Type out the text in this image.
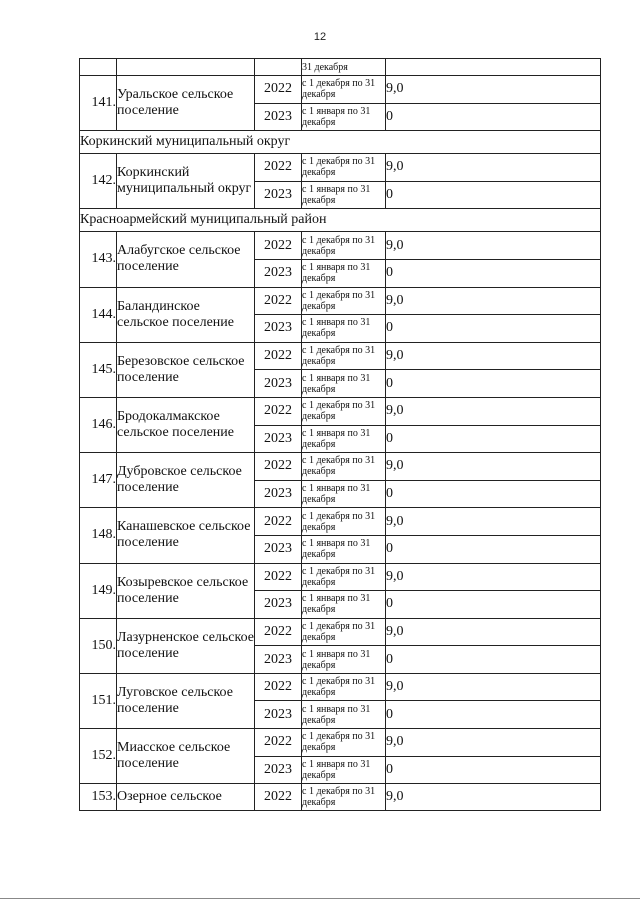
12
			31 декабря	
141.	Уральское сельское поселение	2022	с 1 декабря по 31 декабря	9,0
		2023	с 1 января по 31 декабря	0
Коркинский муниципальный округ				
142.	Коркинский муниципальный округ	2022	с 1 декабря по 31 декабря	9,0
		2023	с 1 января по 31 декабря	0
Красноармейский муниципальный район				
143.	Алабугское сельское поселение	2022	с 1 декабря по 31 декабря	9,0
		2023	с 1 января по 31 декабря	0
144.	Баландинское сельское поселение	2022	с 1 декабря по 31 декабря	9,0
		2023	с 1 января по 31 декабря	0
145.	Березовское сельское поселение	2022	с 1 декабря по 31 декабря	9,0
		2023	с 1 января по 31 декабря	0
146.	Бродокалмакское сельское поселение	2022	с 1 декабря по 31 декабря	9,0
		2023	с 1 января по 31 декабря	0
147.	Дубровское сельское поселение	2022	с 1 декабря по 31 декабря	9,0
		2023	с 1 января по 31 декабря	0
148.	Канашевское сельское поселение	2022	с 1 декабря по 31 декабря	9,0
		2023	с 1 января по 31 декабря	0
149.	Козыревское сельское поселение	2022	с 1 декабря по 31 декабря	9,0
		2023	с 1 января по 31 декабря	0
150.	Лазурненское сельское поселение	2022	с 1 декабря по 31 декабря	9,0
		2023	с 1 января по 31 декабря	0
151.	Луговское сельское поселение	2022	с 1 декабря по 31 декабря	9,0
		2023	с 1 января по 31 декабря	0
152.	Миасское сельское поселение	2022	с 1 декабря по 31 декабря	9,0
		2023	с 1 января по 31 декабря	0
153.	Озерное сельское	2022	с 1 декабря по 31 декабря	9,0
